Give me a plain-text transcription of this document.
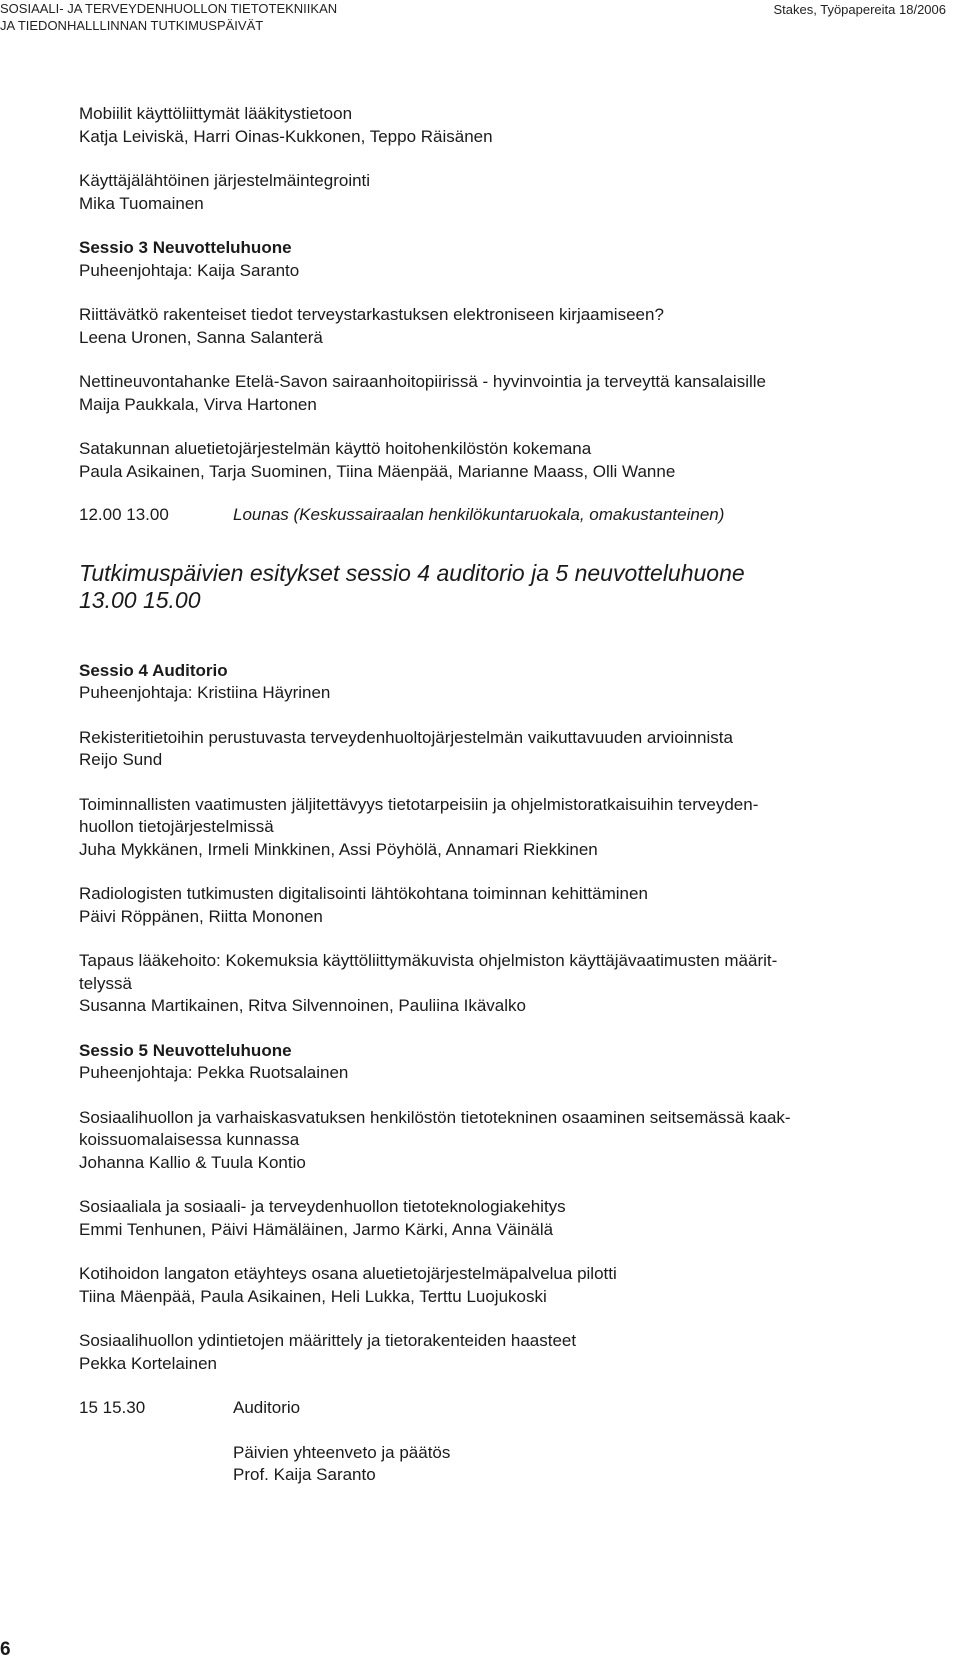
SOSIAALI- JA TERVEYDENHUOLLON TIETOTEKNIIKAN
JA TIEDONHALLLINNAN TUTKIMUSPÄIVÄT
Stakes, Työpapereita 18/2006

Mobiilit käyttöliittymät lääkitystietoon

Katja Leiviskä, Harri Oinas-Kukkonen, Teppo Räisänen

Käyttäjälähtöinen järjestelmäintegrointi

Mika Tuomainen

Sessio 3 Neuvotteluhuone

Puheenjohtaja: Kaija Saranto

Riittävätkö rakenteiset tiedot terveystarkastuksen elektroniseen kirjaamiseen?

Leena Uronen, Sanna Salanterä

Nettineuvontahanke Etelä-Savon sairaanhoitopiirissä - hyvinvointia ja terveyttä kansalaisille

Maija Paukkala, Virva Hartonen

Satakunnan aluetietojärjestelmän käyttö hoitohenkilöstön kokemana

Paula Asikainen, Tarja Suominen, Tiina Mäenpää, Marianne Maass, Olli Wanne

12.00 13.00	Lounas (Keskussairaalan henkilökuntaruokala, omakustanteinen)
Tutkimuspäivien esitykset sessio 4 auditorio ja 5 neuvotteluhuone
13.00 15.00

Sessio 4 Auditorio

Puheenjohtaja: Kristiina Häyrinen

Rekisteritietoihin perustuvasta terveydenhuoltojärjestelmän vaikuttavuuden arvioinnista

Reijo Sund

Toiminnallisten vaatimusten jäljitettävyys tietotarpeisiin ja ohjelmistoratkaisuihin terveyden-

huollon tietojärjestelmissä

Juha Mykkänen, Irmeli Minkkinen, Assi Pöyhölä, Annamari Riekkinen

Radiologisten tutkimusten digitalisointi lähtökohtana toiminnan kehittäminen

Päivi Röppänen, Riitta Mononen

Tapaus lääkehoito: Kokemuksia käyttöliittymäkuvista ohjelmiston käyttäjävaatimusten määrit-

telyssä

Susanna Martikainen, Ritva Silvennoinen, Pauliina Ikävalko

Sessio 5 Neuvotteluhuone

Puheenjohtaja: Pekka Ruotsalainen

Sosiaalihuollon ja varhaiskasvatuksen henkilöstön tietotekninen osaaminen seitsemässä kaak-

koissuomalaisessa kunnassa

Johanna Kallio & Tuula Kontio

Sosiaaliala ja sosiaali- ja terveydenhuollon tietoteknologiakehitys

Emmi Tenhunen, Päivi Hämäläinen, Jarmo Kärki, Anna Väinälä

Kotihoidon langaton etäyhteys osana aluetietojärjestelmäpalvelua pilotti

Tiina Mäenpää, Paula Asikainen, Heli Lukka, Terttu Luojukoski

Sosiaalihuollon ydintietojen määrittely ja tietorakenteiden haasteet

Pekka Kortelainen

15 15.30	Auditorio

Päivien yhteenveto ja päätös

Prof. Kaija Saranto

6
